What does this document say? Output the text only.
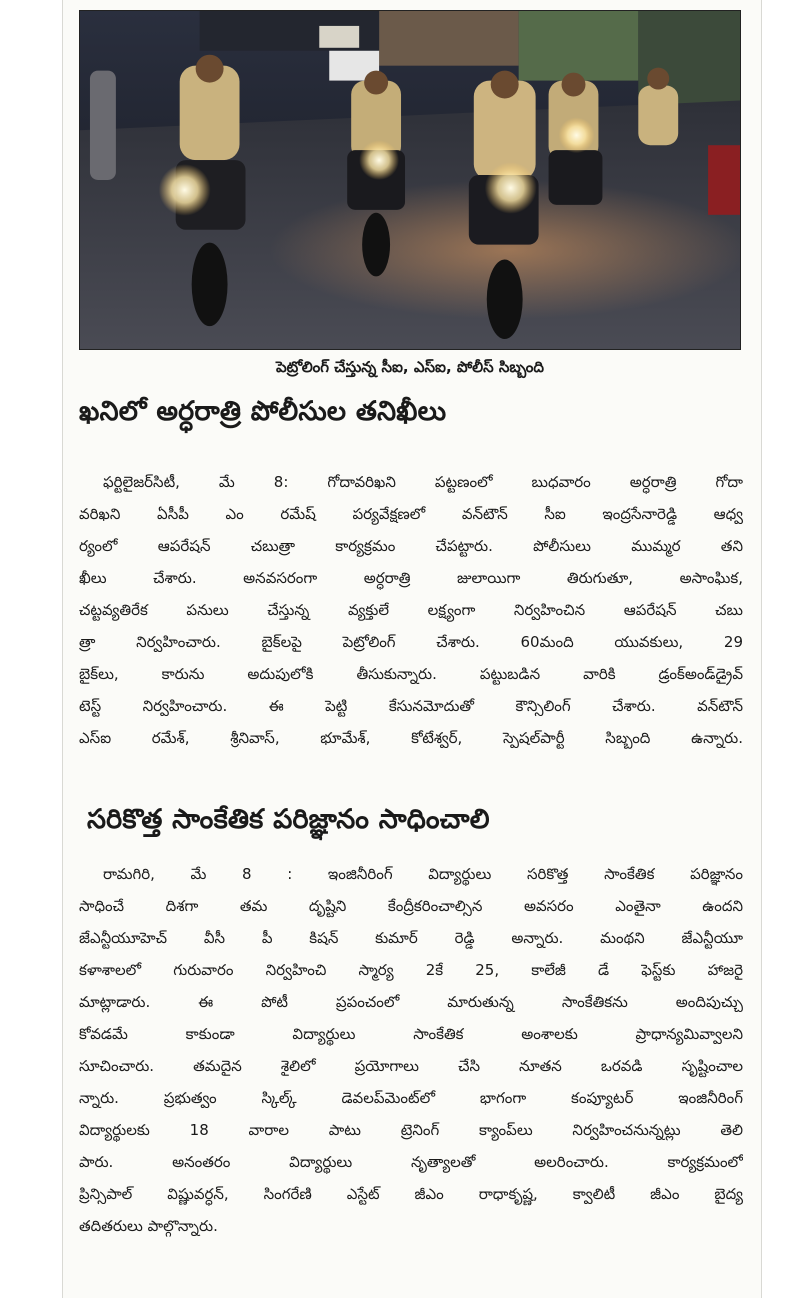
పెట్రోలింగ్ చేస్తున్న సీఐ, ఎస్ఐ, పోలీస్ సిబ్బంది
ఖనిలో అర్ధరాత్రి పోలీసుల తనిఖీలు
ఫర్టిలైజర్‌సిటీ, మే 8: గోదావరిఖని పట్టణంలో బుధవారం అర్ధరాత్రి గోదా
వరిఖని ఏసీపీ ఎం రమేష్ పర్యవేక్షణలో వన్‌టౌన్ సీఐ ఇంద్రసేనారెడ్డి ఆధ్వ
ర్యంలో ఆపరేషన్ చబుత్రా కార్యక్రమం చేపట్టారు. పోలీసులు ముమ్మర తని
ఖీలు చేశారు. అనవసరంగా అర్ధరాత్రి జులాయిగా తిరుగుతూ, అసాంఘిక,
చట్టవ్యతిరేక పనులు చేస్తున్న వ్యక్తులే లక్ష్యంగా నిర్వహించిన ఆపరేషన్ చబు
త్రా నిర్వహించారు. బైక్‌లపై పెట్రోలింగ్ చేశారు. 60మంది యువకులు, 29
బైక్‌లు, కారును అదుపులోకి తీసుకున్నారు. పట్టుబడిన వారికి డ్రంక్‌అండ్‌డ్రైవ్
టెస్ట్ నిర్వహించారు. ఈ పెట్టి కేసునమోదుతో కౌన్సిలింగ్ చేశారు. వన్‌టౌన్
ఎస్ఐ రమేశ్, శ్రీనివాస్, భూమేశ్, కోటేశ్వర్, స్పెషల్‌పార్టీ సిబ్బంది ఉన్నారు.
సరికొత్త సాంకేతిక పరిజ్ఞానం సాధించాలి
రామగిరి, మే 8 : ఇంజినీరింగ్ విద్యార్థులు సరికొత్త సాంకేతిక పరిజ్ఞానం
సాధించే దిశగా తమ దృష్టిని కేంద్రీకరించాల్సిన అవసరం ఎంతైనా ఉందని
జేఎన్టీయూహెచ్ వీసీ పీ కిషన్ కుమార్ రెడ్డి అన్నారు. మంథని జేఎన్టీయూ
కళాశాలలో గురువారం నిర్వహించి స్మార్య 2కే 25, కాలేజీ డే ఫెస్ట్‌కు హాజరై
మాట్లాడారు. ఈ పోటీ ప్రపంచంలో మారుతున్న సాంకేతికను అందిపుచ్చు
కోవడమే కాకుండా విద్యార్థులు సాంకేతిక అంశాలకు ప్రాధాన్యమివ్వాలని
సూచించారు. తమదైన శైలిలో ప్రయోగాలు చేసి నూతన ఒరవడి సృష్టించాల
న్నారు. ప్రభుత్వం స్కిల్క్ డెవలప్‌మెంట్‌లో భాగంగా కంప్యూటర్ ఇంజినీరింగ్
విద్యార్థులకు 18 వారాల పాటు ట్రెనింగ్ క్యాంప్‌లు నిర్వహించనున్నట్లు తెలి
పారు. అనంతరం విద్యార్థులు నృత్యాలతో అలరించారు. కార్యక్రమంలో
ప్రిన్సిపాల్ విష్ణువర్ధన్, సింగరేణి ఎస్టేట్ జీఎం రాధాకృష్ణ, క్వాలిటీ జీఎం బైద్య
తదితరులు పాల్గొన్నారు.
